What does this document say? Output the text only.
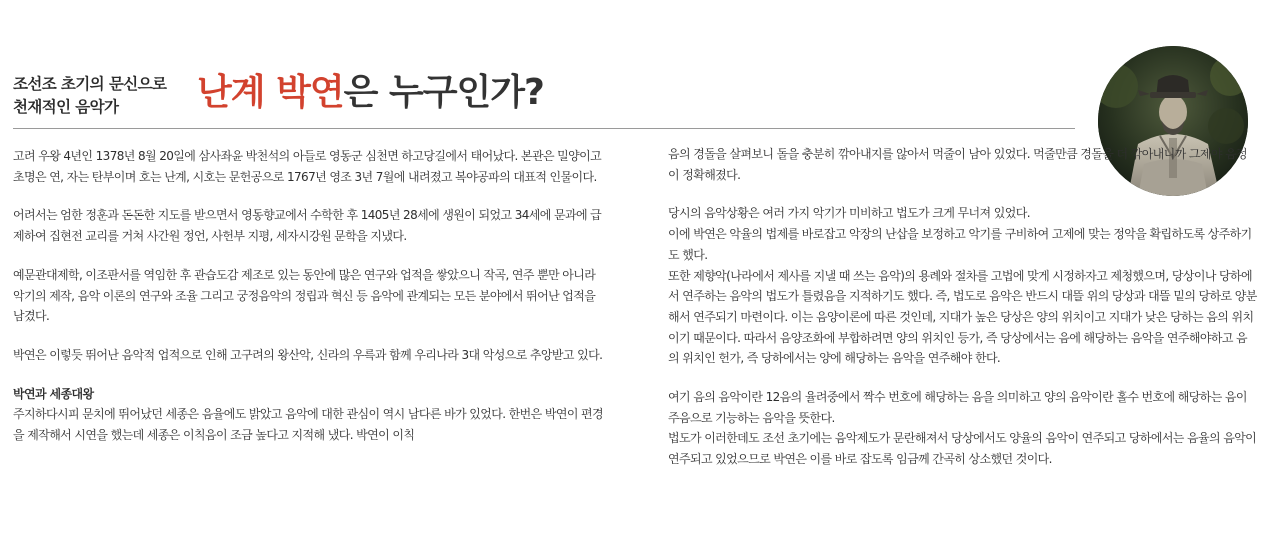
조선조 초기의 문신으로
천재적인 음악가	난계 박연은 누구인가?

고려 우왕 4년인 1378년 8월 20일에 삼사좌윤 박천석의 아들로 영동군 심천면 하고당길에서 태어났다. 본관은 밀양이고 초명은 연, 자는 탄부이며 호는 난계, 시호는 문헌공으로 1767년 영조 3년 7월에 내려졌고 복야공파의 대표적 인물이다.

어려서는 엄한 정훈과 돈돈한 지도를 받으면서 영동향교에서 수학한 후 1405년 28세에 생원이 되었고 34세에 문과에 급제하여 집현전 교리를 거쳐 사간원 정언, 사헌부 지평, 세자시강원 문학을 지냈다.

예문관대제학, 이조판서를 역임한 후 관습도감 제조로 있는 동안에 많은 연구와 업적을 쌓았으니 작곡, 연주 뿐만 아니라 악기의 제작, 음악 이론의 연구와 조율 그리고 궁정음악의 정립과 혁신 등 음악에 관계되는 모든 분야에서 뛰어난 업적을 남겼다.

박연은 이렇듯 뛰어난 음악적 업적으로 인해 고구려의 왕산악, 신라의 우륵과 함께 우리나라 3대 악성으로 추앙받고 있다.

박연과 세종대왕

주지하다시피 문치에 뛰어났던 세종은 음율에도 밝았고 음악에 대한 관심이 역시 남다른 바가 있었다. 한번은 박연이 편경을 제작해서 시연을 했는데 세종은 이칙음이 조금 높다고 지적해 냈다. 박연이 이칙

음의 경돌을 살펴보니 돌을 충분히 깎아내지를 않아서 먹줄이 남아 있었다. 먹줄만큼 경돌을 더 깎아내니까 그제야 음정이 정확해졌다.

당시의 음악상황은 여러 가지 악기가 미비하고 법도가 크게 무너져 있었다.

이에 박연은 악율의 법제를 바로잡고 악장의 난삽을 보정하고 악기를 구비하여 고제에 맞는 정악을 확립하도록 상주하기도 했다.

또한 제향악(나라에서 제사를 지낼 때 쓰는 음악)의 용례와 절차를 고법에 맞게 시정하자고 제청했으며, 당상이나 당하에서 연주하는 음악의 법도가 틀렸음을 지적하기도 했다. 즉, 법도로 음악은 반드시 대뜰 위의 당상과 대뜰 밑의 당하로 양분해서 연주되기 마련이다. 이는 음양이론에 따른 것인데, 지대가 높은 당상은 양의 위치이고 지대가 낮은 당하는 음의 위치이기 때문이다. 따라서 음양조화에 부합하려면 양의 위치인 등가, 즉 당상에서는 음에 해당하는 음악을 연주해야하고 음의 위치인 헌가, 즉 당하에서는 양에 해당하는 음악을 연주해야 한다.

여기 음의 음악이란 12음의 율려중에서 짝수 번호에 해당하는 음을 의미하고 양의 음악이란 홀수 번호에 해당하는 음이 주음으로 기능하는 음악을 뜻한다.

법도가 이러한데도 조선 초기에는 음악제도가 문란해져서 당상에서도 양율의 음악이 연주되고 당하에서는 음율의 음악이 연주되고 있었으므로 박연은 이를 바로 잡도록 임금께 간곡히 상소했던 것이다.
